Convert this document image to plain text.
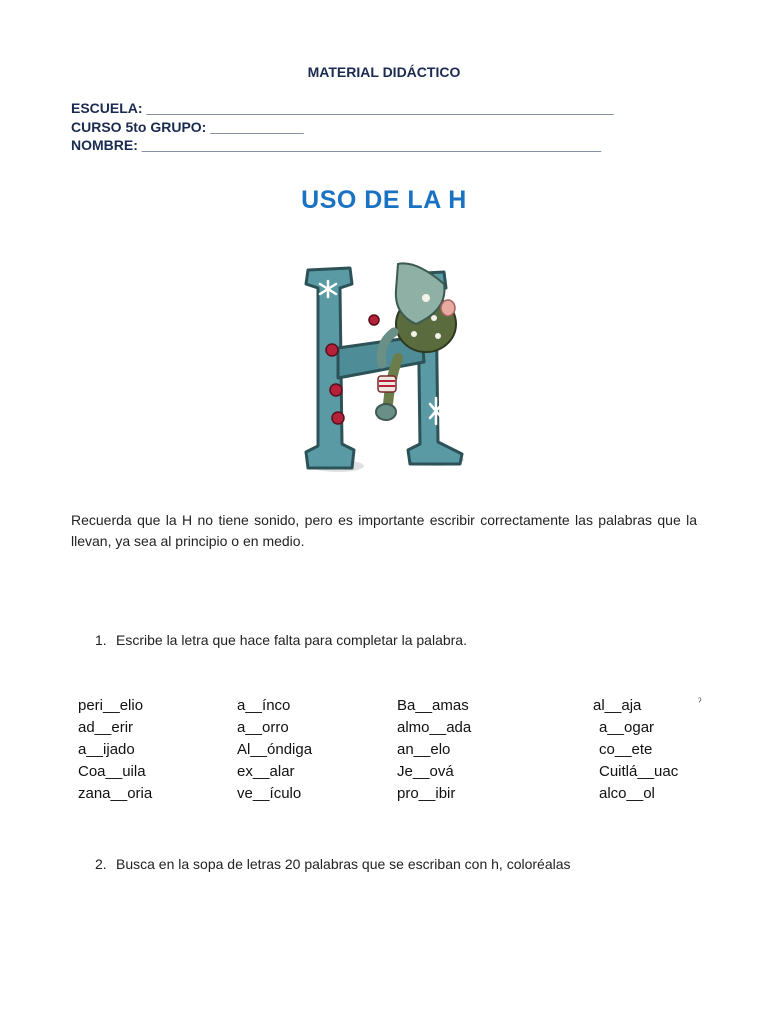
MATERIAL DIDÁCTICO
ESCUELA: ____________________________________________________________
CURSO 5to GRUPO: ____________
NOMBRE: ___________________________________________________________
USO DE LA H
Recuerda que la H no tiene sonido, pero es importante escribir correctamente las palabras que la llevan, ya sea al principio o en medio.
1. Escribe la letra que hace falta para completar la palabra.
peri__elio	a__ínco	Ba__amas	al__aja
ad__erir	a__orro	almo__ada	a__ogar
a__ijado	Al__óndiga	an__elo	co__ete
Coa__uila	ex__alar	Je__ová	Cuitlá__uac
zana__oria	ve__ículo	pro__ibir	alco__ol
ˀ
2. Busca en la sopa de letras 20 palabras que se escriban con h, coloréalas
